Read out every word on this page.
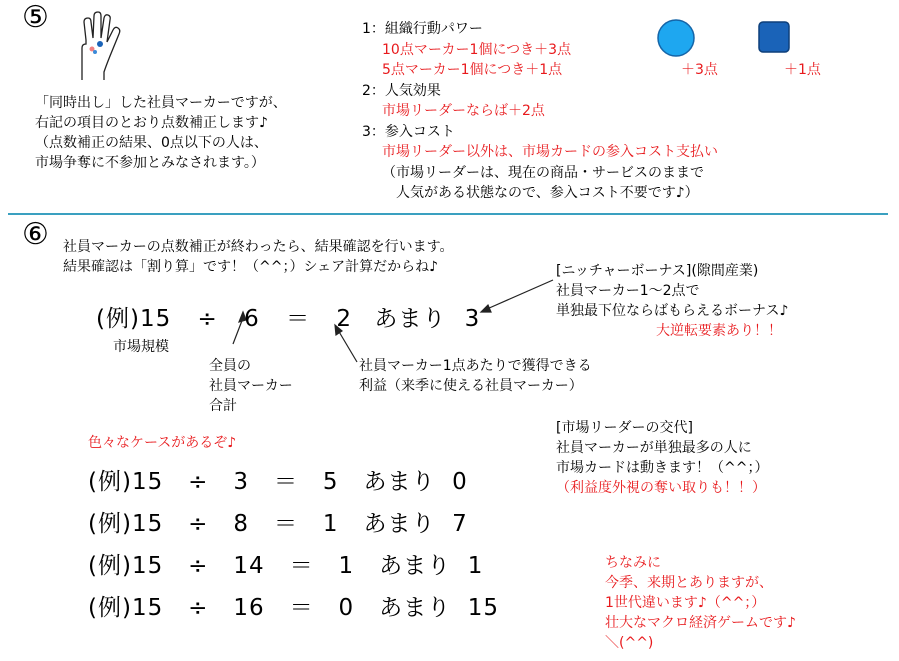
⑤
「同時出し」した社員マーカーですが、
右記の項目のとおり点数補正します♪
（点数補正の結果、0点以下の人は、
市場争奪に不参加とみなされます。）
1：組織行動パワー
10点マーカー1個につき＋3点
5点マーカー1個につき＋1点
2：人気効果
市場リーダーならば＋2点
3：参入コスト
市場リーダー以外は、市場カードの参入コスト支払い
（市場リーダーは、現在の商品・サービスのままで
人気がある状態なので、参入コスト不要です♪）
＋3点	＋1点
⑥ 社員マーカーの点数補正が終わったら、結果確認を行います。
結果確認は「割り算」です！（^^；）シェア計算だからね♪
(例)15 ÷ 6 ＝ 2 あまり 3
市場規模
全員の
社員マーカー
合計
社員マーカー1点あたりで獲得できる
利益（来季に使える社員マーカー）
[ニッチャーボーナス](隙間産業)
社員マーカー1～2点で
単独最下位ならばもらえるボーナス♪
大逆転要素あり！！
[市場リーダーの交代]
社員マーカーが単独最多の人に
市場カードは動きます！（^^；）
（利益度外視の奪い取りも！！）
色々なケースがあるぞ♪
(例)15 ÷ 3 ＝ 5 あまり 0
(例)15 ÷ 8 ＝ 1 あまり 7
(例)15 ÷ 14 ＝ 1 あまり 1
(例)15 ÷ 16 ＝ 0 あまり 15
ちなみに
今季、来期とありますが、
1世代違います♪（^^；）
壮大なマクロ経済ゲームです♪
＼(^^)
